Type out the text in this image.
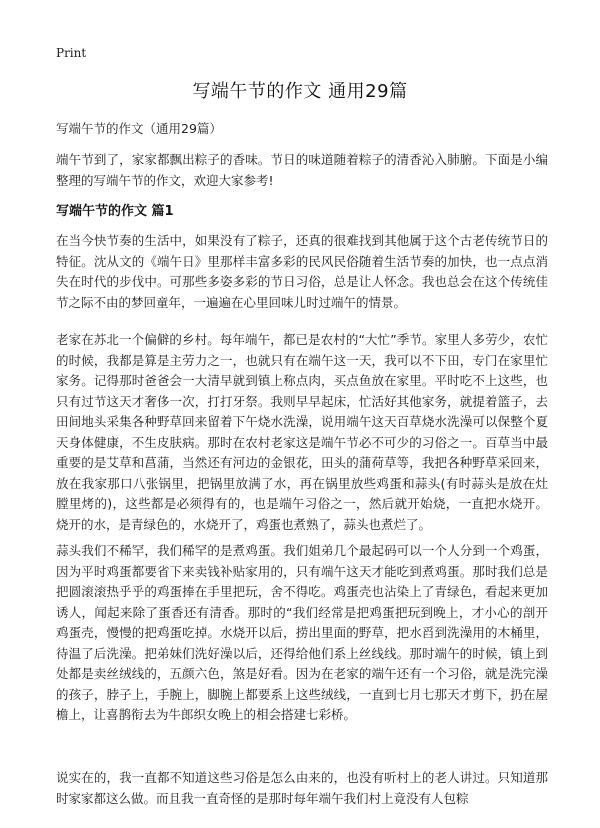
Print
写端午节的作文 通用29篇
写端午节的作文（通用29篇）

端午节到了，家家都飘出粽子的香味。节日的味道随着粽子的清香沁入肺腑。下面是小编整理的写端午节的作文，欢迎大家参考!

写端午节的作文 篇1

在当今快节奏的生活中，如果没有了粽子，还真的很难找到其他属于这个古老传统节日的特征。沈从文的《端午日》里那样丰富多彩的民风民俗随着生活节奏的加快，也一点点消失在时代的步伐中。可那些多姿多彩的节日习俗，总是让人怀念。我也总会在这个传统佳节之际不由的梦回童年，一遍遍在心里回味儿时过端午的情景。

老家在苏北一个偏僻的乡村。每年端午，都已是农村的“大忙”季节。家里人多劳少，农忙的时候，我都是算是主劳力之一，也就只有在端午这一天，我可以不下田，专门在家里忙家务。记得那时爸爸会一大清早就到镇上称点肉，买点鱼放在家里。平时吃不上这些，也只有过节这天才奢侈一次，打打牙祭。我则早早起床，忙活好其他家务，就提着篮子，去田间地头采集各种野草回来留着下午烧水洗澡，说用端午这天百草烧水洗澡可以保整个夏天身体健康，不生皮肤病。那时在农村老家这是端午节必不可少的习俗之一。百草当中最重要的是艾草和菖蒲，当然还有河边的金银花，田头的蒲荷草等，我把各种野草采回来，放在我家那口八张锅里，把锅里放满了水，再在锅里放些鸡蛋和蒜头(有时蒜头是放在灶膛里烤的)，这些都是必须得有的，也是端午习俗之一，然后就开始烧，一直把水烧开。烧开的水，是青绿色的，水烧开了，鸡蛋也煮熟了，蒜头也煮烂了。

蒜头我们不稀罕，我们稀罕的是煮鸡蛋。我们姐弟几个最起码可以一个人分到一个鸡蛋，因为平时鸡蛋都要省下来卖钱补贴家用的，只有端午这天才能吃到煮鸡蛋。那时我们总是把圆滚滚热乎乎的鸡蛋捧在手里把玩，舍不得吃。鸡蛋壳也沾染上了青绿色，看起来更加诱人，闻起来除了蛋香还有清香。那时的“我们经常是把鸡蛋把玩到晚上，才小心的剖开鸡蛋壳，慢慢的把鸡蛋吃掉。水烧开以后，捞出里面的野草，把水舀到洗澡用的木桶里，待温了后洗澡。把弟妹们洗好澡以后，还得给他们系上丝线线。那时端午的时候，镇上到处都是卖丝绒线的，五颜六色，煞是好看。因为在老家的端午还有一个习俗，就是洗完澡的孩子，脖子上，手腕上，脚腕上都要系上这些绒线，一直到七月七那天才剪下，扔在屋檐上，让喜鹊衔去为牛郎织女晚上的相会搭建七彩桥。

说实在的，我一直都不知道这些习俗是怎么由来的，也没有听村上的老人讲过。只知道那时家家都这么做。而且我一直奇怪的是那时每年端午我们村上竟没有人包粽
